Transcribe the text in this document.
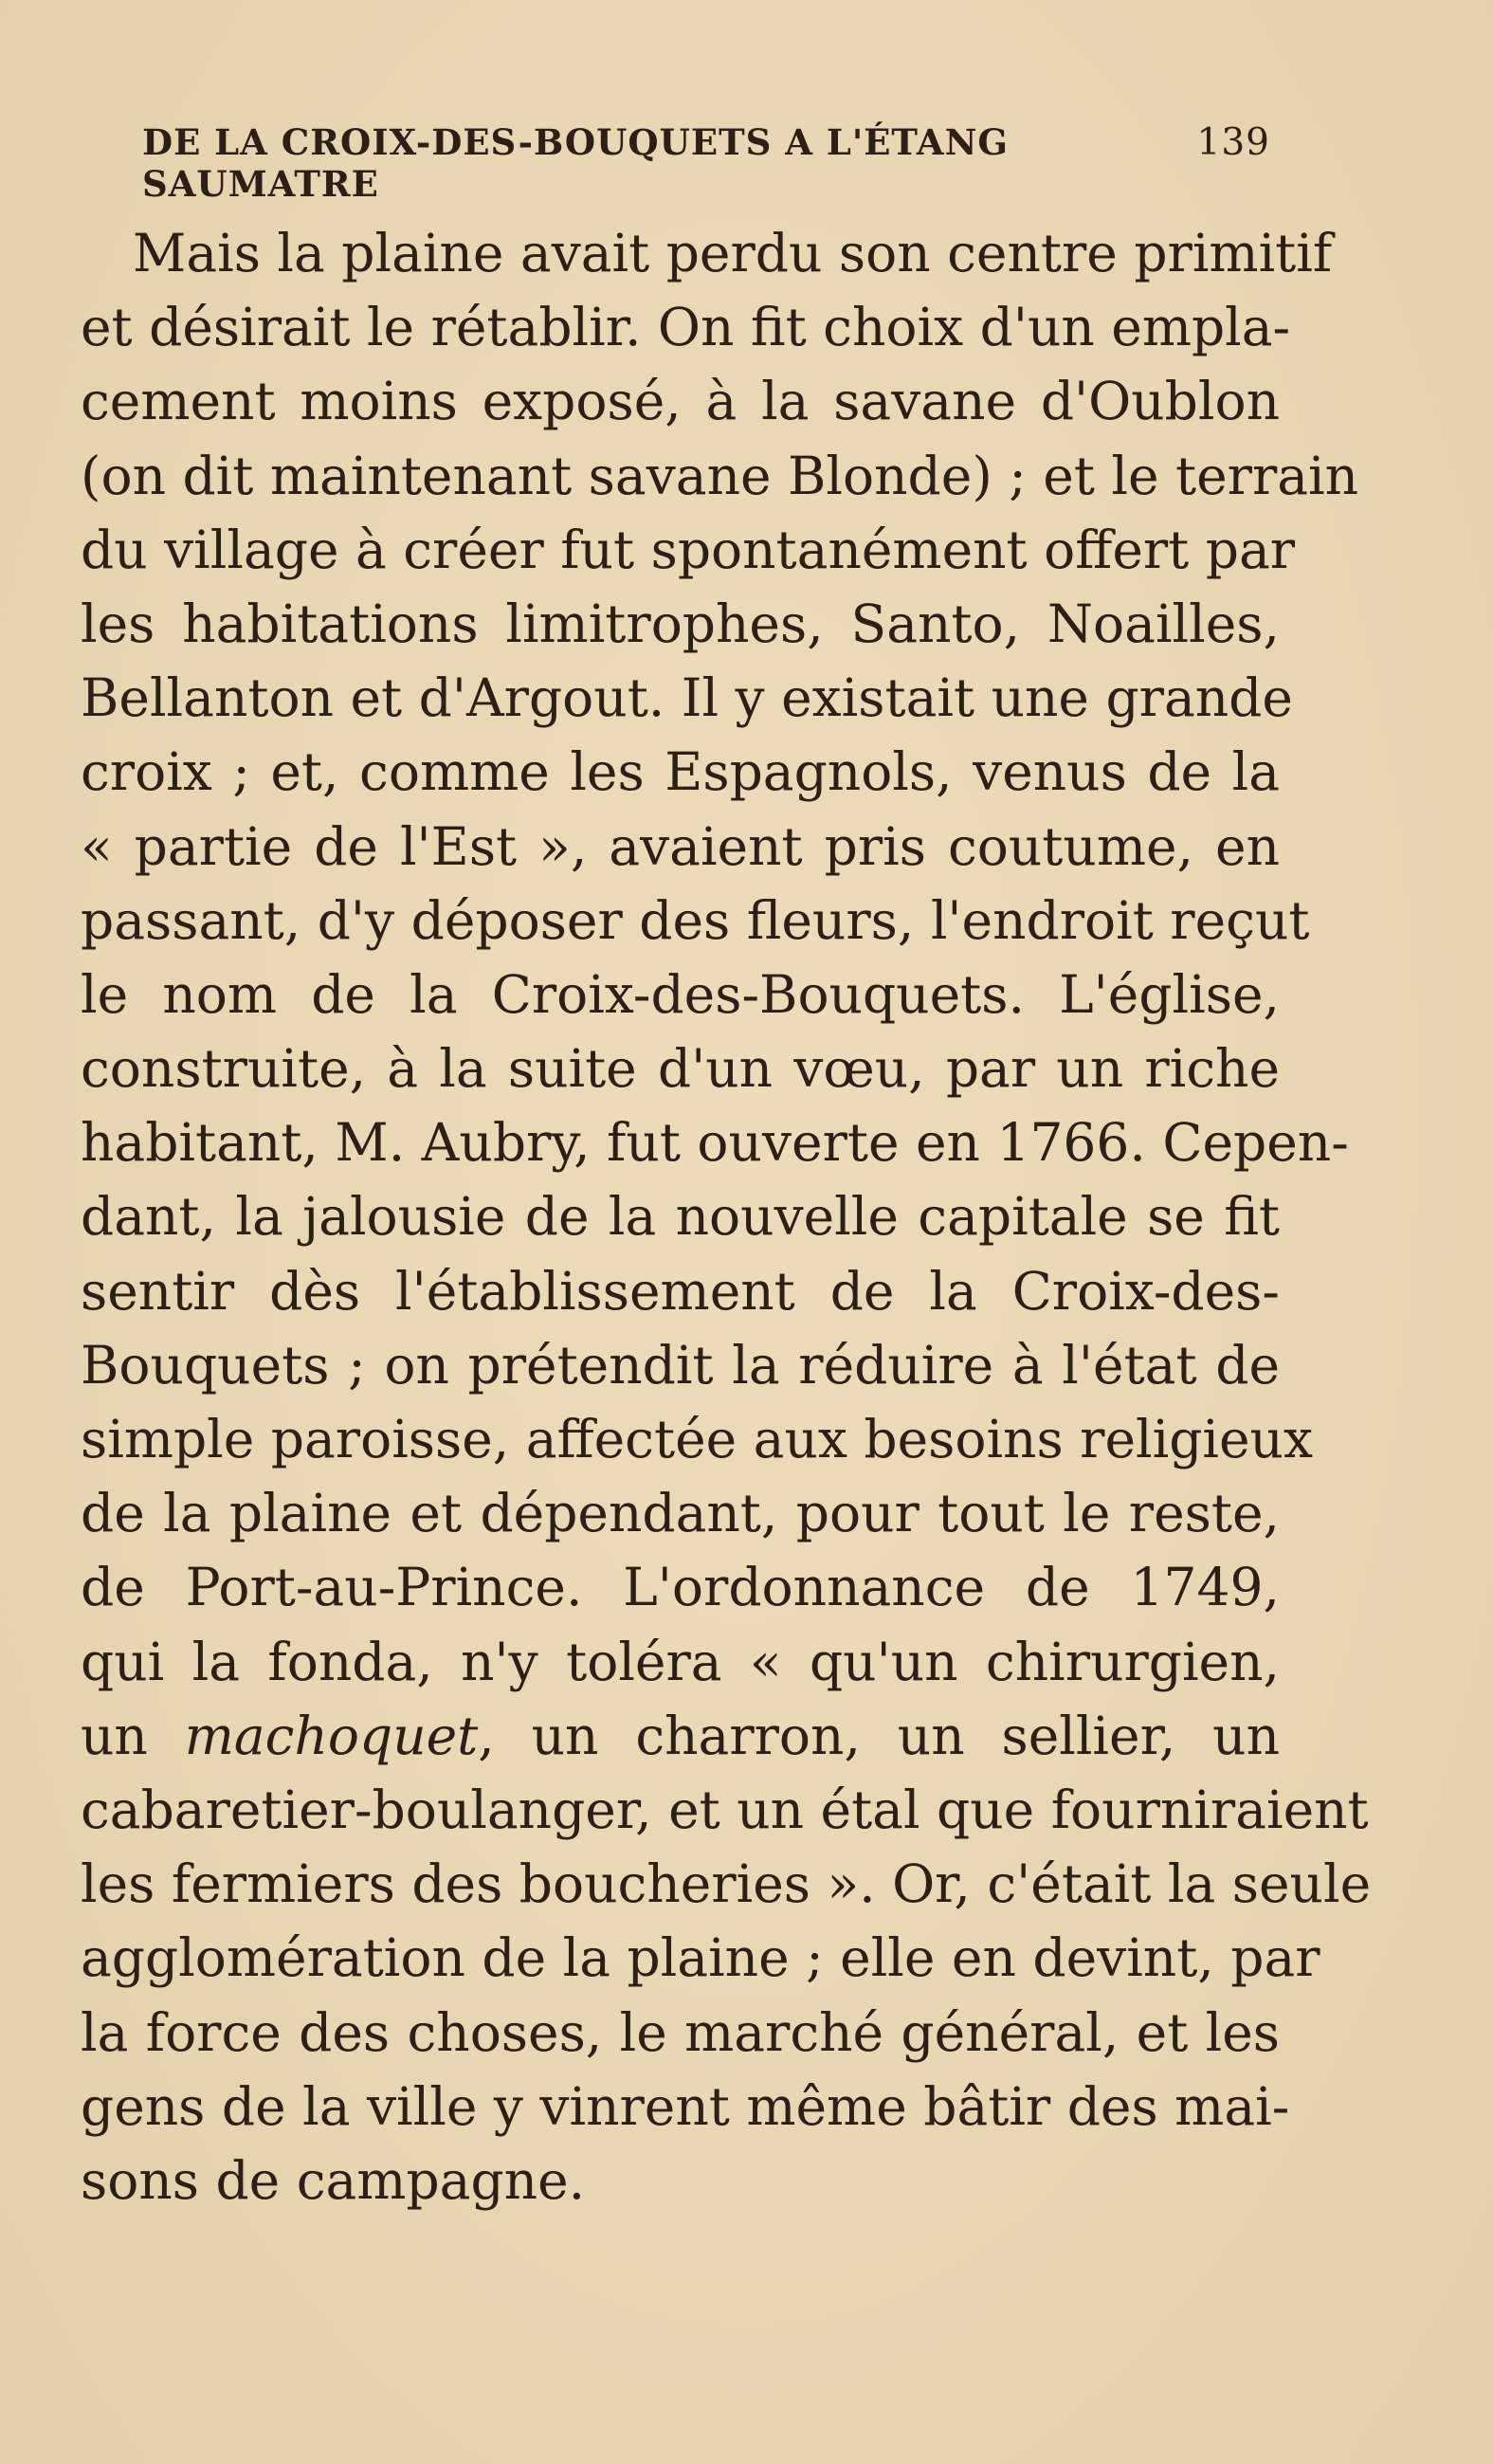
DE LA CROIX-DES-BOUQUETS A L'ÉTANG SAUMATRE
139
Mais la plaine avait perdu son centre primitif
et désirait le rétablir. On fit choix d'un empla-
cement moins exposé, à la savane d'Oublon
(on dit maintenant savane Blonde) ; et le terrain
du village à créer fut spontanément offert par
les habitations limitrophes, Santo, Noailles,
Bellanton et d'Argout. Il y existait une grande
croix ; et, comme les Espagnols, venus de la
« partie de l'Est », avaient pris coutume, en
passant, d'y déposer des fleurs, l'endroit reçut
le nom de la Croix-des-Bouquets. L'église,
construite, à la suite d'un vœu, par un riche
habitant, M. Aubry, fut ouverte en 1766. Cepen-
dant, la jalousie de la nouvelle capitale se fit
sentir dès l'établissement de la Croix-des-
Bouquets ; on prétendit la réduire à l'état de
simple paroisse, affectée aux besoins religieux
de la plaine et dépendant, pour tout le reste,
de Port-au-Prince. L'ordonnance de 1749,
qui la fonda, n'y toléra « qu'un chirurgien,
un machoquet, un charron, un sellier, un
cabaretier-boulanger, et un étal que fourniraient
les fermiers des boucheries ». Or, c'était la seule
agglomération de la plaine ; elle en devint, par
la force des choses, le marché général, et les
gens de la ville y vinrent même bâtir des mai-
sons de campagne.
